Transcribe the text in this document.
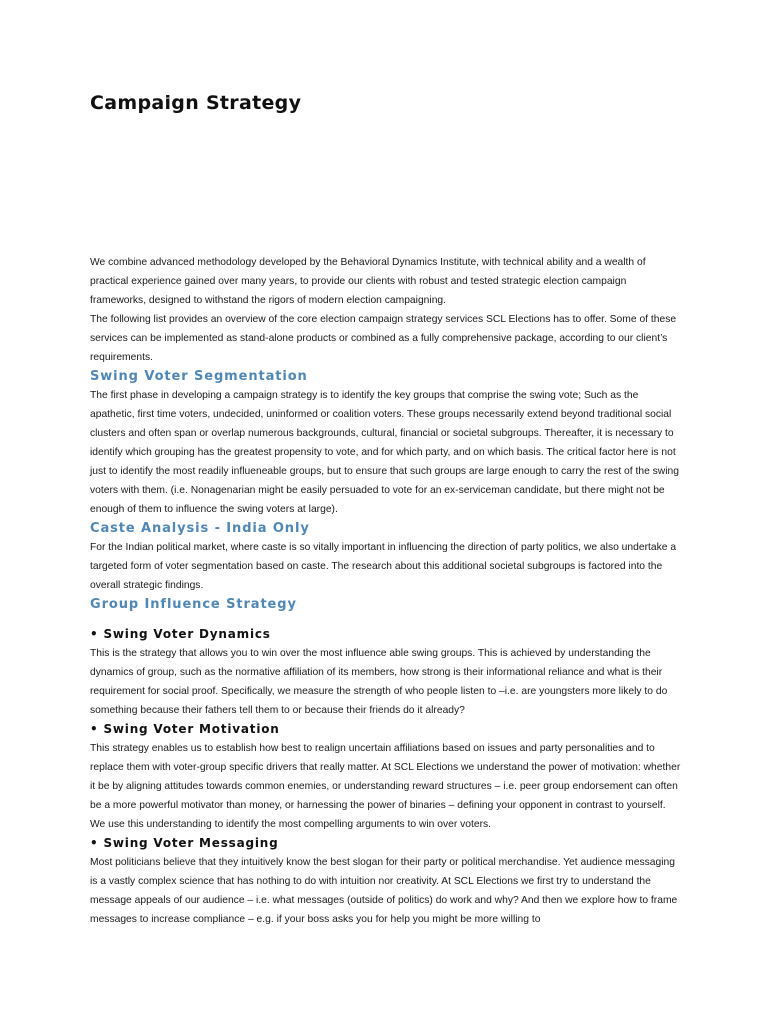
Campaign Strategy

We combine advanced methodology developed by the Behavioral Dynamics Institute, with technical ability and a wealth of practical experience gained over many years, to provide our clients with robust and tested strategic election campaign frameworks, designed to withstand the rigors of modern election campaigning.

The following list provides an overview of the core election campaign strategy services SCL Elections has to offer. Some of these services can be implemented as stand-alone products or combined as a fully comprehensive package, according to our client’s requirements.

Swing Voter Segmentation

The first phase in developing a campaign strategy is to identify the key groups that comprise the swing vote; Such as the apathetic, first time voters, undecided, uninformed or coalition voters. These groups necessarily extend beyond traditional social clusters and often span or overlap numerous backgrounds, cultural, financial or societal subgroups. Thereafter, it is necessary to identify which grouping has the greatest propensity to vote, and for which party, and on which basis. The critical factor here is not just to identify the most readily influeneable groups, but to ensure that such groups are large enough to carry the rest of the swing voters with them. (i.e. Nonagenarian might be easily persuaded to vote for an ex-serviceman candidate, but there might not be enough of them to influence the swing voters at large).

Caste Analysis - India Only

For the Indian political market, where caste is so vitally important in influencing the direction of party politics, we also undertake a targeted form of voter segmentation based on caste. The research about this additional societal subgroups is factored into the overall strategic findings.

Group Influence Strategy
• Swing Voter Dynamics

This is the strategy that allows you to win over the most influence able swing groups. This is achieved by understanding the dynamics of group, such as the normative affiliation of its members, how strong is their informational reliance and what is their requirement for social proof. Specifically, we measure the strength of who people listen to –i.e. are youngsters more likely to do something because their fathers tell them to or because their friends do it already?

• Swing Voter Motivation

This strategy enables us to establish how best to realign uncertain affiliations based on issues and party personalities and to replace them with voter-group specific drivers that really matter. At SCL Elections we understand the power of motivation: whether it be by aligning attitudes towards common enemies, or understanding reward structures – i.e. peer group endorsement can often be a more powerful motivator than money, or harnessing the power of binaries – defining your opponent in contrast to yourself. We use this understanding to identify the most compelling arguments to win over voters.

• Swing Voter Messaging

Most politicians believe that they intuitively know the best slogan for their party or political merchandise. Yet audience messaging is a vastly complex science that has nothing to do with intuition nor creativity. At SCL Elections we first try to understand the message appeals of our audience – i.e. what messages (outside of politics) do work and why? And then we explore how to frame messages to increase compliance – e.g. if your boss asks you for help you might be more willing to
